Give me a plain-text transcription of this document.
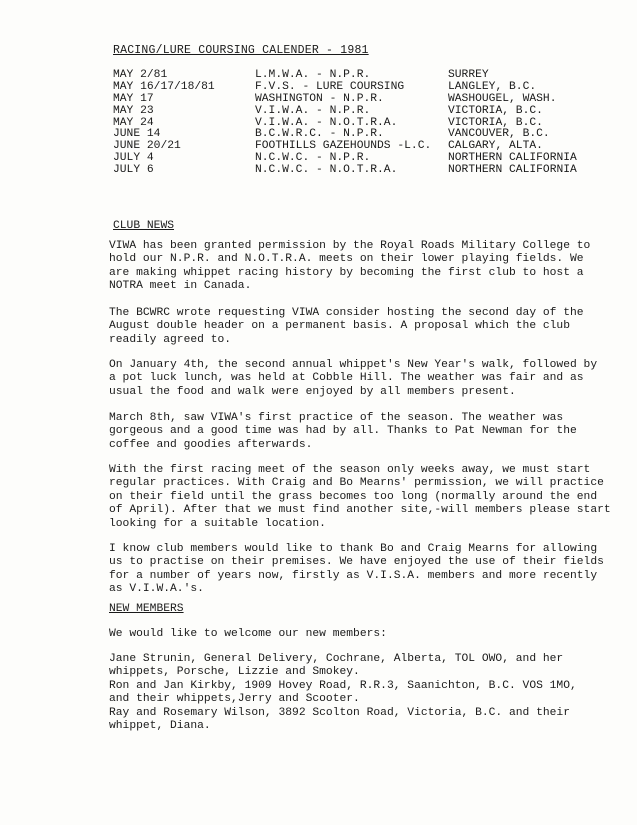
RACING/LURE COURSING CALENDER - 1981
MAY 2/81
MAY 16/17/18/81
MAY 17
MAY 23
MAY 24
JUNE 14
JUNE 20/21
JULY 4
JULY 6
L.M.W.A. - N.P.R.
F.V.S. - LURE COURSING
WASHINGTON - N.P.R.
V.I.W.A. - N.P.R.
V.I.W.A. - N.O.T.R.A.
B.C.W.R.C. - N.P.R.
FOOTHILLS GAZEHOUNDS -L.C.
N.C.W.C. - N.P.R.
N.C.W.C. - N.O.T.R.A.
SURREY
LANGLEY, B.C.
WASHOUGEL, WASH.
VICTORIA, B.C.
VICTORIA, B.C.
VANCOUVER, B.C.
CALGARY, ALTA.
NORTHERN CALIFORNIA
NORTHERN CALIFORNIA
CLUB NEWS
VIWA has been granted permission by the Royal Roads Military College to
hold our N.P.R. and N.O.T.R.A. meets on their lower playing fields. We
are making whippet racing history by becoming the first club to host a
NOTRA meet in Canada.
The BCWRC wrote requesting VIWA consider hosting the second day of the
August double header on a permanent basis. A proposal which the club
readily agreed to.
On January 4th, the second annual whippet's New Year's walk, followed by
a pot luck lunch, was held at Cobble Hill. The weather was fair and as
usual the food and walk were enjoyed by all members present.
March 8th, saw VIWA's first practice of the season. The weather was
gorgeous and a good time was had by all. Thanks to Pat Newman for the
coffee and goodies afterwards.
With the first racing meet of the season only weeks away, we must start
regular practices. With Craig and Bo Mearns' permission, we will practice
on their field until the grass becomes too long (normally around the end
of April). After that we must find another site,-will members please start
looking for a suitable location.
I know club members would like to thank Bo and Craig Mearns for allowing
us to practise on their premises. We have enjoyed the use of their fields
for a number of years now, firstly as V.I.S.A. members and more recently
as V.I.W.A.'s.
NEW MEMBERS
We would like to welcome our new members:
Jane Strunin, General Delivery, Cochrane, Alberta, TOL OWO, and her
whippets, Porsche, Lizzie and Smokey.
Ron and Jan Kirkby, 1909 Hovey Road, R.R.3, Saanichton, B.C. VOS 1MO,
and their whippets,Jerry and Scooter.
Ray and Rosemary Wilson, 3892 Scolton Road, Victoria, B.C. and their
whippet, Diana.
